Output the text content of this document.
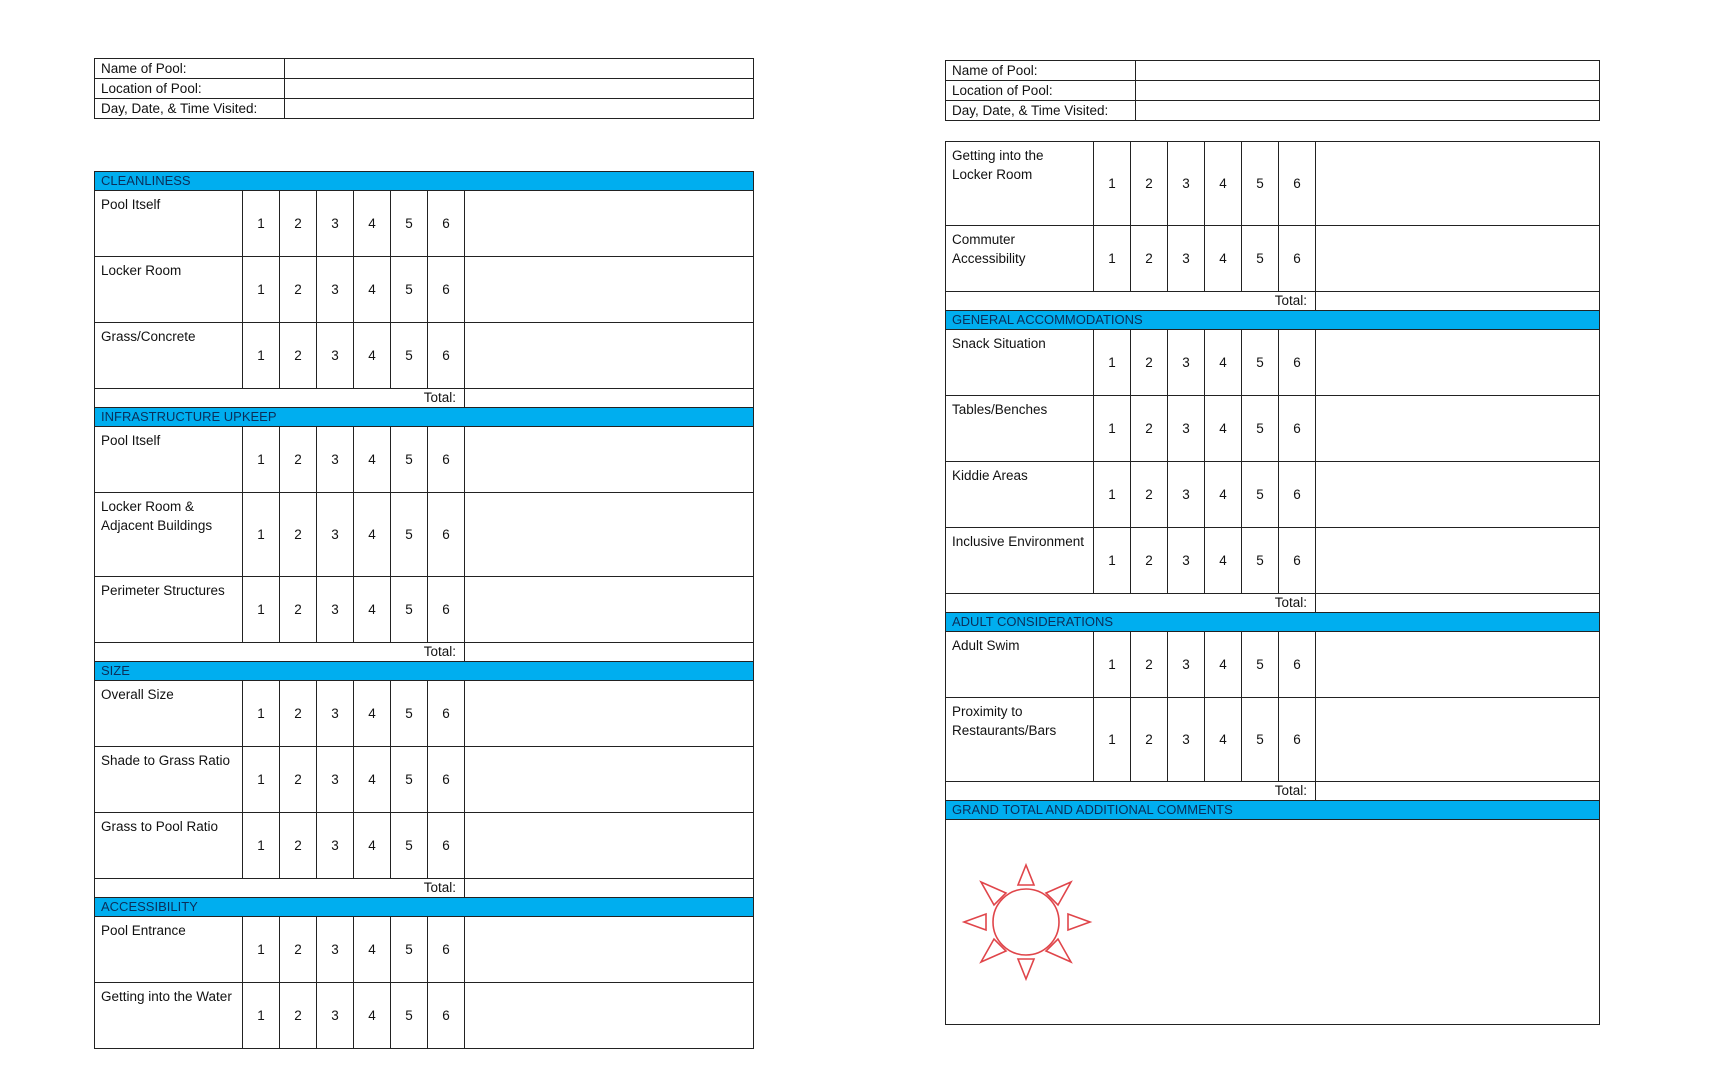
Name of Pool:	
Location of Pool:	
Day, Date, & Time Visited:	
CLEANLINESS							
Pool Itself	1	2	3	4	5	6	
Locker Room	1	2	3	4	5	6	
Grass/Concrete	1	2	3	4	5	6	
Total:							
INFRASTRUCTURE UPKEEP							
Pool Itself	1	2	3	4	5	6	
Locker Room & Adjacent Buildings	1	2	3	4	5	6	
Perimeter Structures	1	2	3	4	5	6	
Total:							
SIZE							
Overall Size	1	2	3	4	5	6	
Shade to Grass Ratio	1	2	3	4	5	6	
Grass to Pool Ratio	1	2	3	4	5	6	
Total:							
ACCESSIBILITY							
Pool Entrance	1	2	3	4	5	6	
Getting into the Water	1	2	3	4	5	6	
Name of Pool:	
Location of Pool:	
Day, Date, & Time Visited:	
Getting into the Locker Room	1	2	3	4	5	6	
Commuter Accessibility	1	2	3	4	5	6	
Total:							
GENERAL ACCOMMODATIONS							
Snack Situation	1	2	3	4	5	6	
Tables/Benches	1	2	3	4	5	6	
Kiddie Areas	1	2	3	4	5	6	
Inclusive Environment	1	2	3	4	5	6	
Total:							
ADULT CONSIDERATIONS							
Adult Swim	1	2	3	4	5	6	
Proximity to Restaurants/Bars	1	2	3	4	5	6	
Total:							
GRAND TOTAL AND ADDITIONAL COMMENTS							
